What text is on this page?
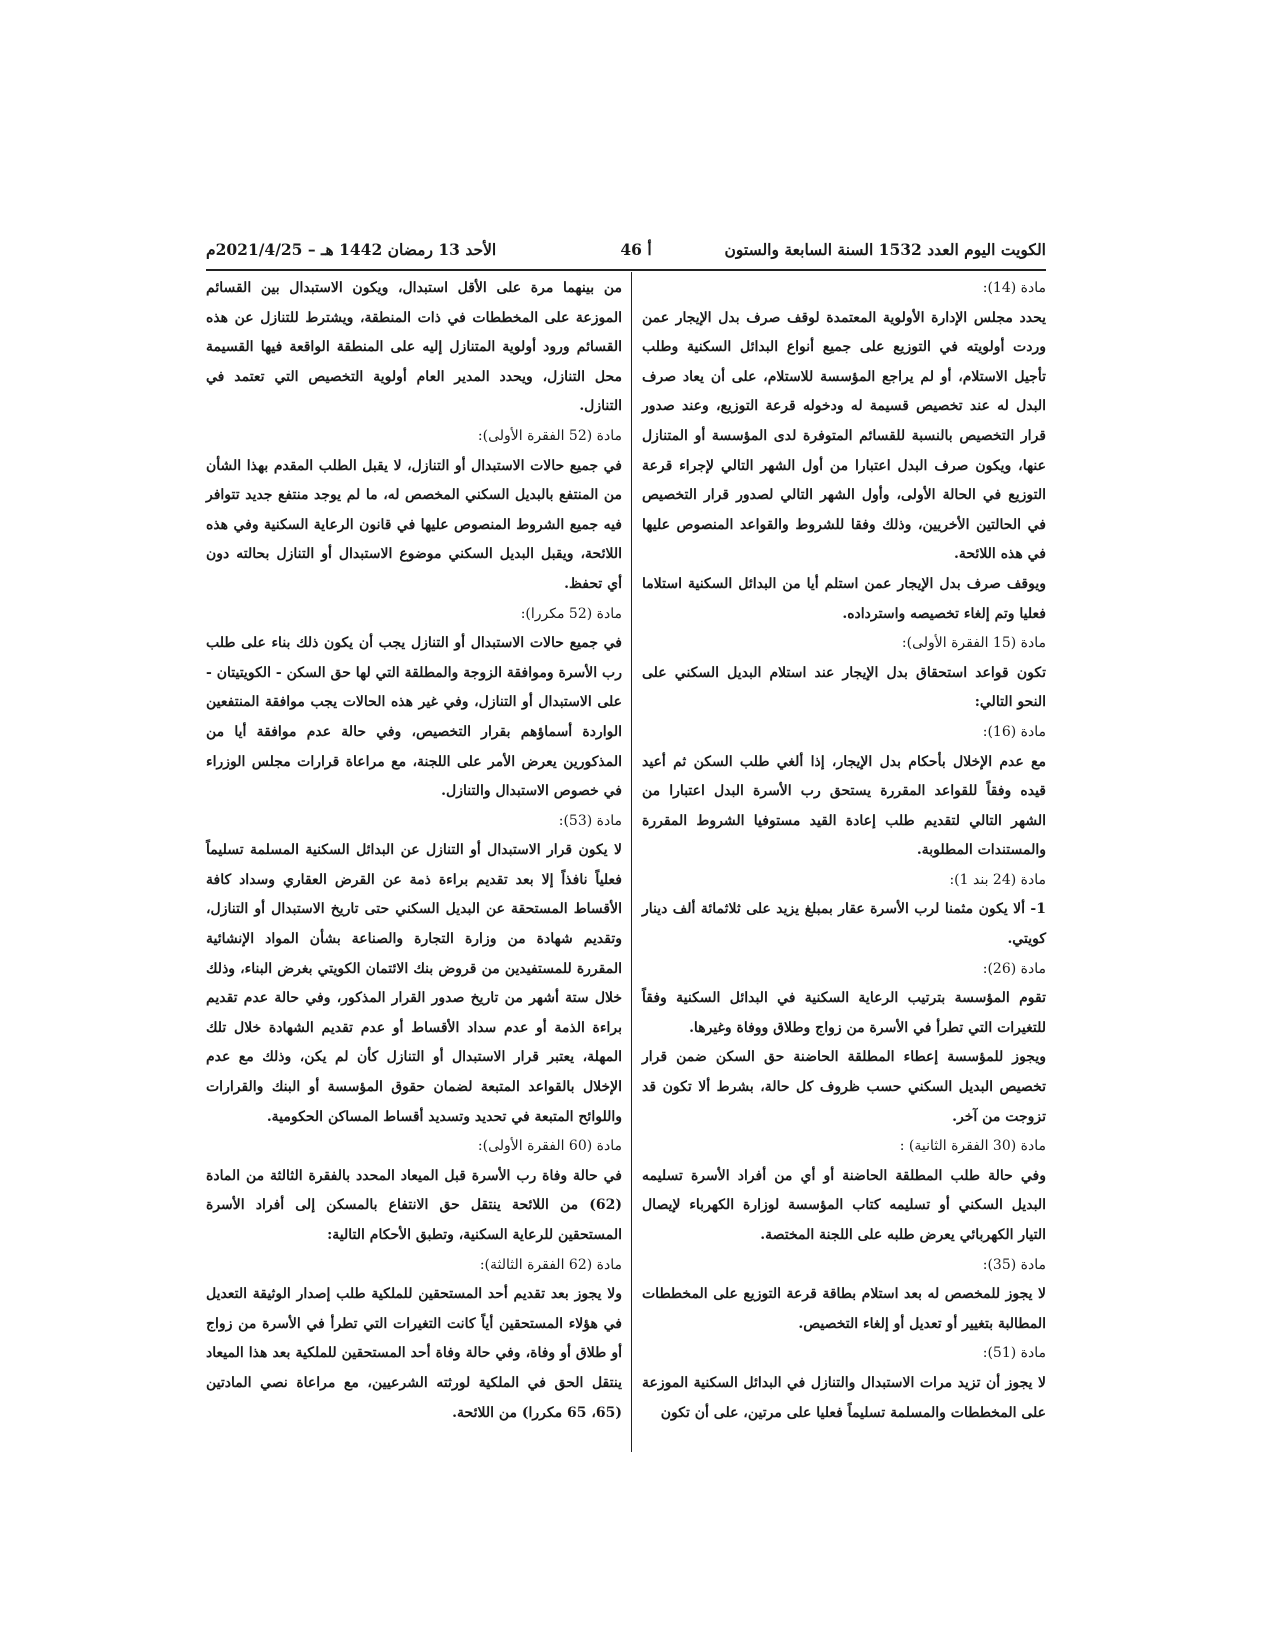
الكويت اليوم العدد 1532 السنة السابعة والستون
أ 46
الأحد 13 رمضان 1442 هـ – 2021/4/25م

مادة (14):

يحدد مجلس الإدارة الأولوية المعتمدة لوقف صرف بدل الإيجار عمن وردت أولويته في التوزيع على جميع أنواع البدائل السكنية وطلب تأجيل الاستلام، أو لم يراجع المؤسسة للاستلام، على أن يعاد صرف البدل له عند تخصيص قسيمة له ودخوله قرعة التوزيع، وعند صدور قرار التخصيص بالنسبة للقسائم المتوفرة لدى المؤسسة أو المتنازل عنها، ويكون صرف البدل اعتبارا من أول الشهر التالي لإجراء قرعة التوزيع في الحالة الأولى، وأول الشهر التالي لصدور قرار التخصيص في الحالتين الأخريين، وذلك وفقا للشروط والقواعد المنصوص عليها في هذه اللائحة.

ويوقف صرف بدل الإيجار عمن استلم أيا من البدائل السكنية استلاما فعليا وتم إلغاء تخصيصه واسترداده.

مادة (15 الفقرة الأولى):

تكون قواعد استحقاق بدل الإيجار عند استلام البديل السكني على النحو التالي:

مادة (16):

مع عدم الإخلال بأحكام بدل الإيجار، إذا ألغي طلب السكن ثم أعيد قيده وفقاً للقواعد المقررة يستحق رب الأسرة البدل اعتبارا من الشهر التالي لتقديم طلب إعادة القيد مستوفيا الشروط المقررة والمستندات المطلوبة.

مادة (24 بند 1):

1- ألا يكون مثمنا لرب الأسرة عقار بمبلغ يزيد على ثلاثمائة ألف دينار كويتي.

مادة (26):

تقوم المؤسسة بترتيب الرعاية السكنية في البدائل السكنية وفقاً للتغيرات التي تطرأ في الأسرة من زواج وطلاق ووفاة وغيرها.

ويجوز للمؤسسة إعطاء المطلقة الحاضنة حق السكن ضمن قرار تخصيص البديل السكني حسب ظروف كل حالة، بشرط ألا تكون قد تزوجت من آخر.

مادة (30 الفقرة الثانية) :

وفي حالة طلب المطلقة الحاضنة أو أي من أفراد الأسرة تسليمه البديل السكني أو تسليمه كتاب المؤسسة لوزارة الكهرباء لإيصال التيار الكهربائي يعرض طلبه على اللجنة المختصة.

مادة (35):

لا يجوز للمخصص له بعد استلام بطاقة قرعة التوزيع على المخططات المطالبة بتغيير أو تعديل أو إلغاء التخصيص.

مادة (51):

لا يجوز أن تزيد مرات الاستبدال والتنازل في البدائل السكنية الموزعة على المخططات والمسلمة تسليماً فعليا على مرتين، على أن تكون

من بينهما مرة على الأقل استبدال، ويكون الاستبدال بين القسائم الموزعة على المخططات في ذات المنطقة، ويشترط للتنازل عن هذه القسائم ورود أولوية المتنازل إليه على المنطقة الواقعة فيها القسيمة محل التنازل، ويحدد المدير العام أولوية التخصيص التي تعتمد في التنازل.

مادة (52 الفقرة الأولى):

في جميع حالات الاستبدال أو التنازل، لا يقبل الطلب المقدم بهذا الشأن من المنتفع بالبديل السكني المخصص له، ما لم يوجد منتفع جديد تتوافر فيه جميع الشروط المنصوص عليها في قانون الرعاية السكنية وفي هذه اللائحة، ويقبل البديل السكني موضوع الاستبدال أو التنازل بحالته دون أي تحفظ.

مادة (52 مكررا):

في جميع حالات الاستبدال أو التنازل يجب أن يكون ذلك بناء على طلب رب الأسرة وموافقة الزوجة والمطلقة التي لها حق السكن - الكويتيتان - على الاستبدال أو التنازل، وفي غير هذه الحالات يجب موافقة المنتفعين الواردة أسماؤهم بقرار التخصيص، وفي حالة عدم موافقة أيا من المذكورين يعرض الأمر على اللجنة، مع مراعاة قرارات مجلس الوزراء في خصوص الاستبدال والتنازل.

مادة (53):

لا يكون قرار الاستبدال أو التنازل عن البدائل السكنية المسلمة تسليماً فعلياً نافذاً إلا بعد تقديم براءة ذمة عن القرض العقاري وسداد كافة الأقساط المستحقة عن البديل السكني حتى تاريخ الاستبدال أو التنازل، وتقديم شهادة من وزارة التجارة والصناعة بشأن المواد الإنشائية المقررة للمستفيدين من قروض بنك الائتمان الكويتي بغرض البناء، وذلك خلال ستة أشهر من تاريخ صدور القرار المذكور، وفي حالة عدم تقديم براءة الذمة أو عدم سداد الأقساط أو عدم تقديم الشهادة خلال تلك المهلة، يعتبر قرار الاستبدال أو التنازل كأن لم يكن، وذلك مع عدم الإخلال بالقواعد المتبعة لضمان حقوق المؤسسة أو البنك والقرارات واللوائح المتبعة في تحديد وتسديد أقساط المساكن الحكومية.

مادة (60 الفقرة الأولى):

في حالة وفاة رب الأسرة قبل الميعاد المحدد بالفقرة الثالثة من المادة (62) من اللائحة ينتقل حق الانتفاع بالمسكن إلى أفراد الأسرة المستحقين للرعاية السكنية، وتطبق الأحكام التالية:

مادة (62 الفقرة الثالثة):

ولا يجوز بعد تقديم أحد المستحقين للملكية طلب إصدار الوثيقة التعديل في هؤلاء المستحقين أياً كانت التغيرات التي تطرأ في الأسرة من زواج أو طلاق أو وفاة، وفي حالة وفاة أحد المستحقين للملكية بعد هذا الميعاد ينتقل الحق في الملكية لورثته الشرعيين، مع مراعاة نصي المادتين (65، 65 مكررا) من اللائحة.
